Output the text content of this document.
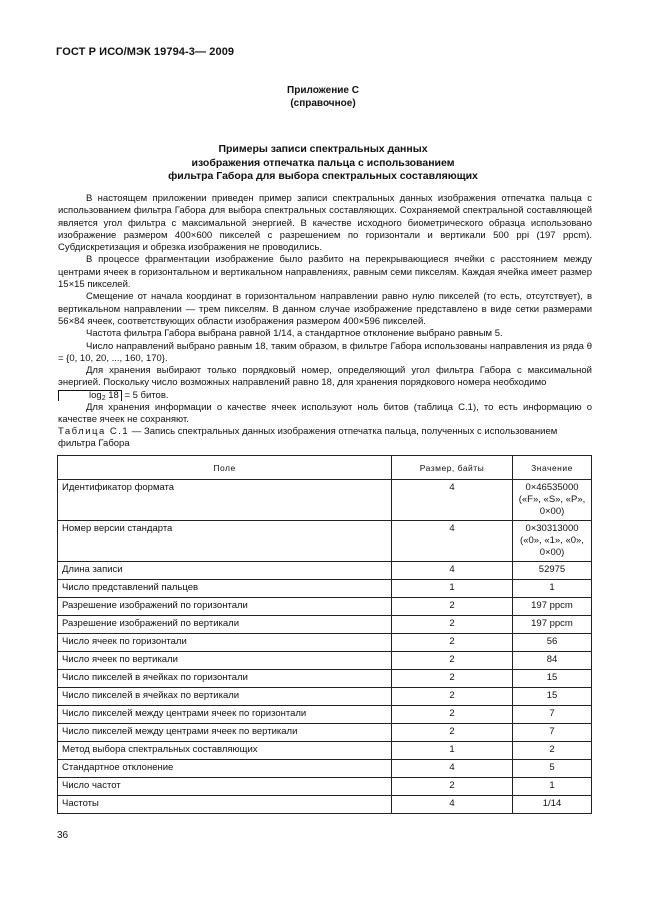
ГОСТ Р ИСО/МЭК 19794-3— 2009
Приложение С
(справочное)
Примеры записи спектральных данных
изображения отпечатка пальца с использованием
фильтра Габора для выбора спектральных составляющих

В настоящем приложении приведен пример записи спектральных данных изображения отпечатка пальца с использованием фильтра Габора для выбора спектральных составляющих. Сохраняемой спектральной составляющей является угол фильтра с максимальной энергией. В качестве исходного биометрического образца использовано изображение размером 400×600 пикселей с разрешением по горизонтали и вертикали 500 ppi (197 ppcm). Субдискретизация и обрезка изображения не проводились.

В процессе фрагментации изображение было разбито на перекрывающиеся ячейки с расстоянием между центрами ячеек в горизонтальном и вертикальном направлениях, равным семи пикселям. Каждая ячейка имеет размер 15×15 пикселей.

Смещение от начала координат в горизонтальном направлении равно нулю пикселей (то есть, отсутствует), в вертикальном направлении — трем пикселям. В данном случае изображение представлено в виде сетки размерами 56×84 ячеек, соответствующих области изображения размером 400×596 пикселей.

Частота фильтра Габора выбрана равной 1/14, а стандартное отклонение выбрано равным 5.

Число направлений выбрано равным 18, таким образом, в фильтре Габора использованы направления из ряда θ = {0, 10, 20, ..., 160, 170}.

Для хранения выбирают только порядковый номер, определяющий угол фильтра Габора с максимальной энергией. Поскольку число возможных направлений равно 18, для хранения порядкового номера необходимо
$\log_2 18 = 5$ битов.

Для хранения информации о качестве ячеек используют ноль битов (таблица С.1), то есть информацию о качестве ячеек не сохраняют.

Таблица С.1 — Запись спектральных данных изображения отпечатка пальца, полученных с использованием фильтра Габора
Поле	Размер, байты	Значение
Идентификатор формата	4	0×46535000 («F», «S», «P», 0×00)
Номер версии стандарта	4	0×30313000 («0», «1», «0», 0×00)
Длина записи	4	52975
Число представлений пальцев	1	1
Разрешение изображений по горизонтали	2	197 ppcm
Разрешение изображений по вертикали	2	197 ppcm
Число ячеек по горизонтали	2	56
Число ячеек по вертикали	2	84
Число пикселей в ячейках по горизонтали	2	15
Число пикселей в ячейках по вертикали	2	15
Число пикселей между центрами ячеек по горизонтали	2	7
Число пикселей между центрами ячеек по вертикали	2	7
Метод выбора спектральных составляющих	1	2
Стандартное отклонение	4	5
Число частот	2	1
Частоты	4	1/14
36
